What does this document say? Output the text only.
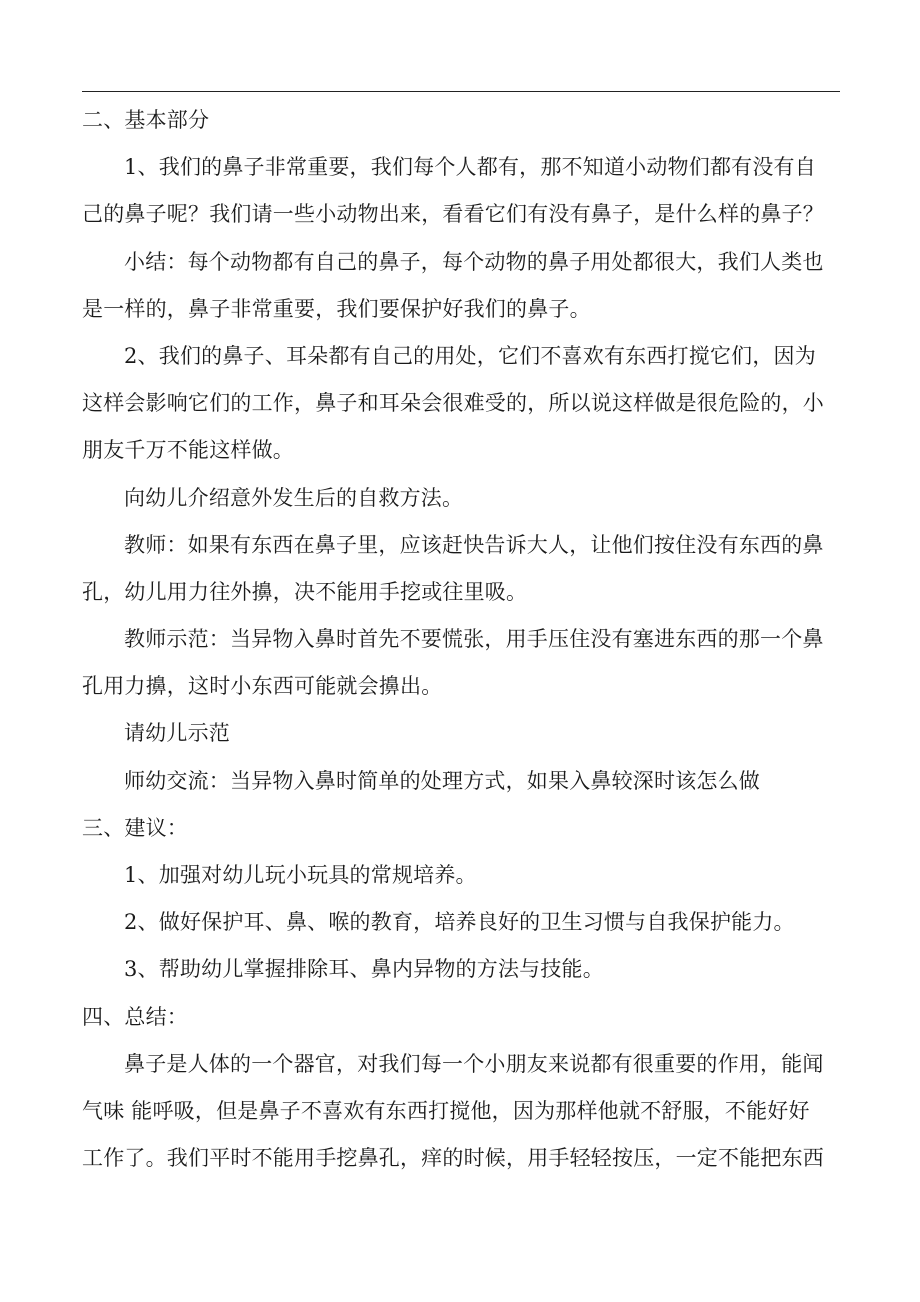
二、基本部分
1、我们的鼻子非常重要，我们每个人都有，那不知道小动物们都有没有自
己的鼻子呢？我们请一些小动物出来，看看它们有没有鼻子，是什么样的鼻子？
小结：每个动物都有自己的鼻子，每个动物的鼻子用处都很大，我们人类也
是一样的，鼻子非常重要，我们要保护好我们的鼻子。
2、我们的鼻子、耳朵都有自己的用处，它们不喜欢有东西打搅它们，因为
这样会影响它们的工作，鼻子和耳朵会很难受的，所以说这样做是很危险的，小
朋友千万不能这样做。
向幼儿介绍意外发生后的自救方法。
教师：如果有东西在鼻子里，应该赶快告诉大人，让他们按住没有东西的鼻
孔，幼儿用力往外擤，决不能用手挖或往里吸。
教师示范：当异物入鼻时首先不要慌张，用手压住没有塞进东西的那一个鼻
孔用力擤，这时小东西可能就会擤出。
请幼儿示范
师幼交流：当异物入鼻时简单的处理方式，如果入鼻较深时该怎么做
三、建议：
1、加强对幼儿玩小玩具的常规培养。
2、做好保护耳、鼻、喉的教育，培养良好的卫生习惯与自我保护能力。
3、帮助幼儿掌握排除耳、鼻内异物的方法与技能。
四、总结：
鼻子是人体的一个器官，对我们每一个小朋友来说都有很重要的作用，能闻
气味 能呼吸，但是鼻子不喜欢有东西打搅他，因为那样他就不舒服，不能好好
工作了。我们平时不能用手挖鼻孔，痒的时候，用手轻轻按压，一定不能把东西
